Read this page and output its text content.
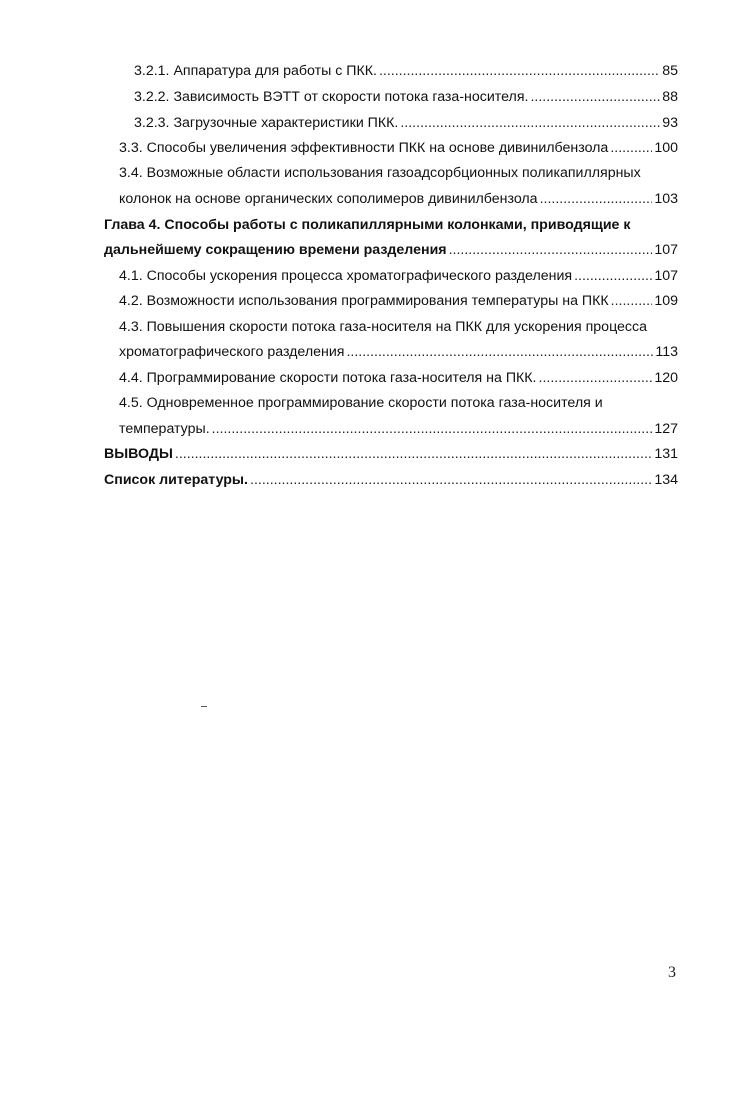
3.2.1. Аппаратура для работы с ПКК. .....	85
3.2.2. Зависимость ВЭТТ от скорости потока газа-носителя. .....	88
3.2.3. Загрузочные характеристики ПКК. .....	93
3.3. Способы увеличения эффективности ПКК на основе дивинилбензола .....	100
3.4. Возможные области использования газоадсорбционных поликапиллярных
колонок на основе органических сополимеров дивинилбензола .....	103
Глава 4. Способы работы с поликапиллярными колонками, приводящие к
дальнейшему сокращению времени разделения .....	107
4.1. Способы ускорения процесса хроматографического разделения .....	107
4.2. Возможности использования программирования температуры на ПКК .....	109
4.3. Повышения скорости потока газа-носителя на ПКК для ускорения процесса
хроматографического разделения .....	113
4.4. Программирование скорости потока газа-носителя на ПКК. .....	120
4.5. Одновременное программирование скорости потока газа-носителя и
температуры. .....	127
ВЫВОДЫ .....	131
Список литературы. .....	134
3
